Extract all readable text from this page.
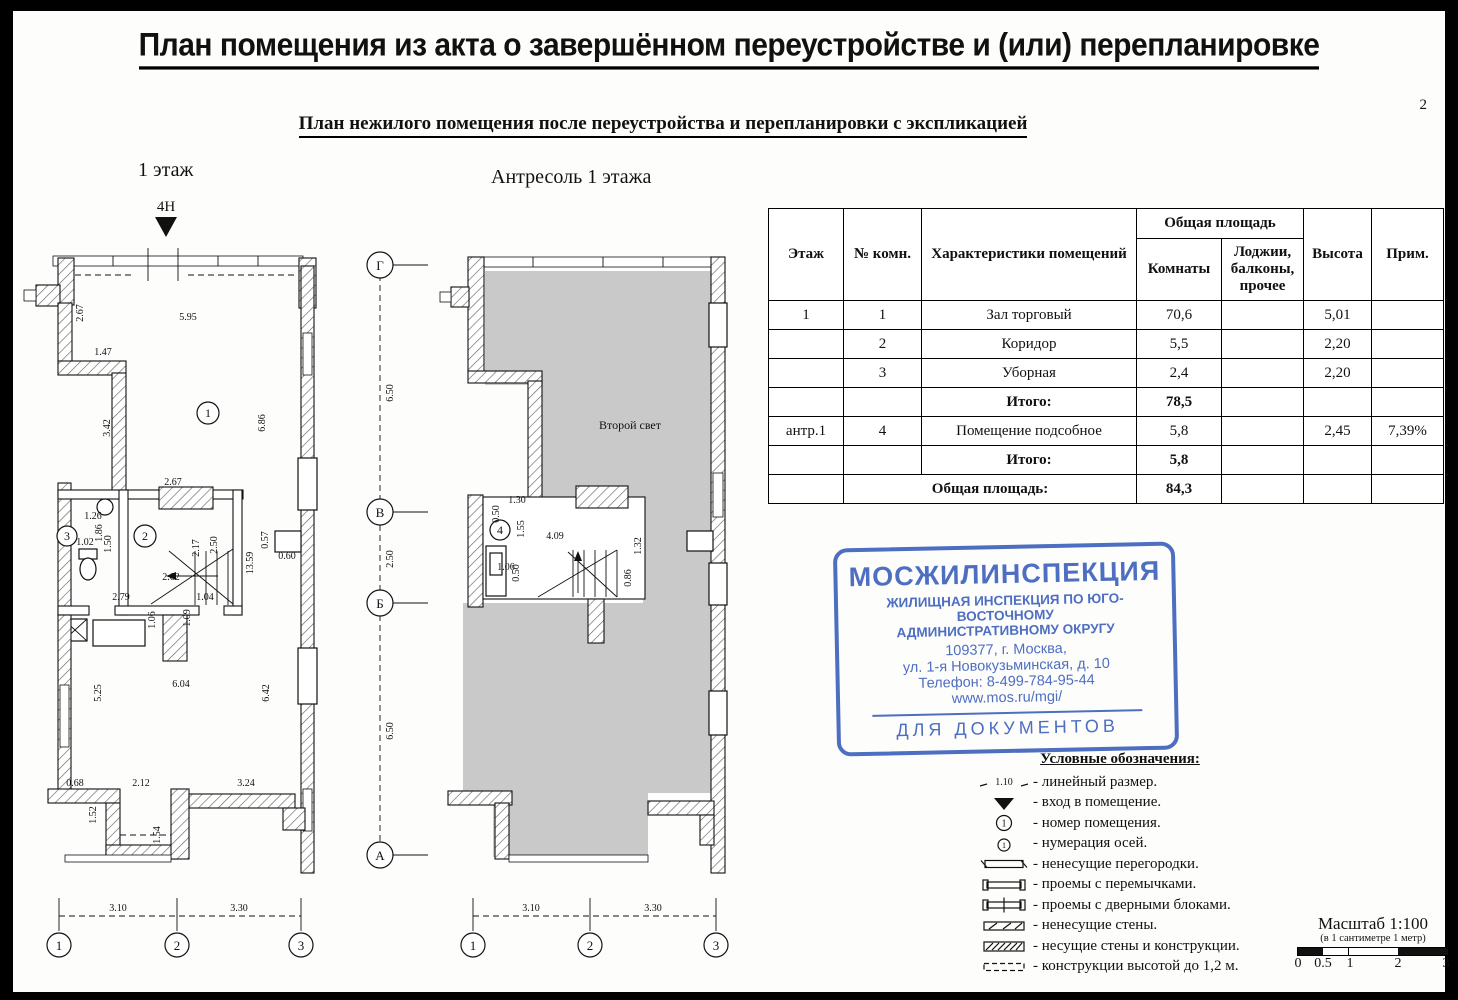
План помещения из акта о завершённом переустройстве и (или) перепланировке
2
План нежилого помещения после переустройства и перепланировки с экспликацией
1 этаж	Антресоль 1 этажа
4Н
1
2
3
1	2	3
2.67	5.95
1.47
3.42	6.86
2.67
13.59
0.57
0.60
1.26
1.86
1.50
1.02	2.17 2.50
2.62
2.79	1.04
1.06 1.09
5.25	6.04	6.42
0.68	2.12	3.24
1.52
1.54
3.10	3.30
Г
В
Б
А
Второй свет
4
1	2	3
6.50
2.50
6.50
0.50
1.30
1.55 4.09
1.32
1.06
0.50	0.86
3.10	3.30
Этаж	№ комн.	Характеристики помещений	Общая площадь		Высота	Прим.
			Комнаты	Лоджии, балконы, прочее		
1	1	Зал торговый	70,6		5,01	
	2	Коридор	5,5		2,20	
	3	Уборная	2,4		2,20	
		Итого:	78,5			
антр.1	4	Помещение подсобное	5,8		2,45	7,39%
		Итого:	5,8			
	Общая площадь:		84,3			
МОСЖИЛИНСПЕКЦИЯ
ЖИЛИЩНАЯ ИНСПЕКЦИЯ ПО ЮГО-ВОСТОЧНОМУ
АДМИНИСТРАТИВНОМУ ОКРУГУ
109377, г. Москва,
ул. 1-я Новокузьминская, д. 10
Телефон: 8-499-784-95-44
www.mos.ru/mgi/
ДЛЯ ДОКУМЕНТОВ
Условные обозначения:
1.10 - линейный размер.
- вход в помещение.
1 - номер помещения.
1 - нумерация осей.
- ненесущие перегородки.
- проемы с перемычками.
- проемы с дверными блоками.
- ненесущие стены.
- несущие стены и конструкции.
- конструкции высотой до 1,2 м.
Масштаб 1:100
(в 1 сантиметре 1 метр)
0 0.5 1	2	3
